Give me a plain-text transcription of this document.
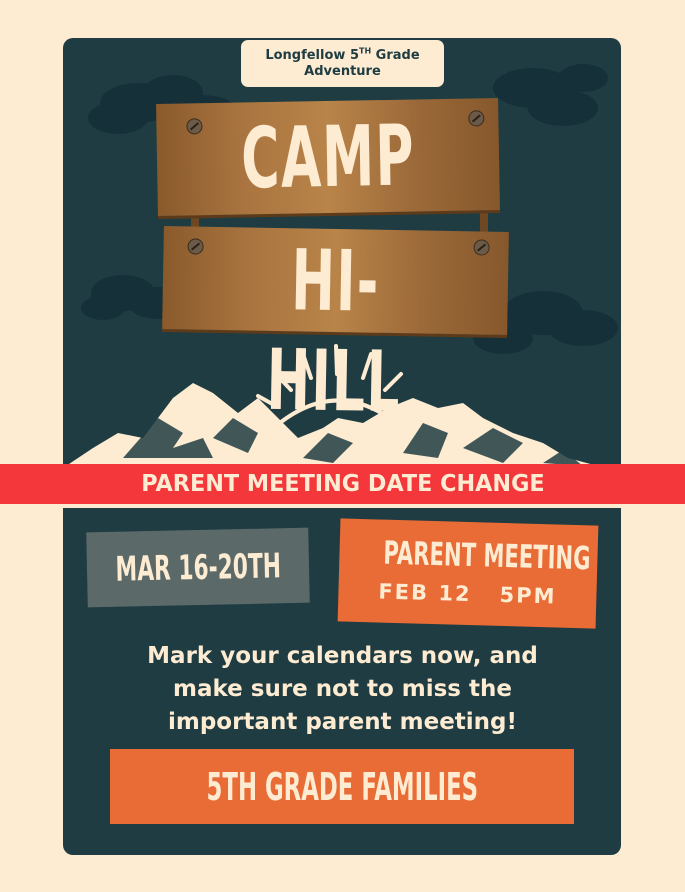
Longfellow 5TH Grade
Adventure
CAMP
HI-HILL
PARENT MEETING DATE CHANGE
MAR 16-20TH	PARENT MEETING
FEB 12   5PM
Mark your calendars now, and
make sure not to miss the
important parent meeting!
5TH GRADE FAMILIES
